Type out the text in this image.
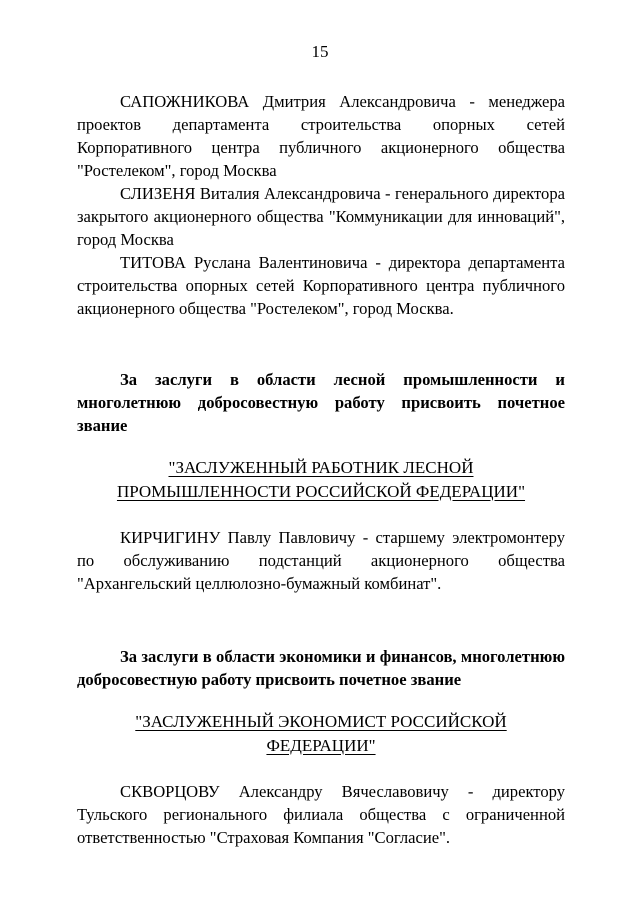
15

САПОЖНИКОВА Дмитрия Александровича - менеджера проектов департамента строительства опорных сетей Корпоративного центра публичного акционерного общества "Ростелеком", город Москва

СЛИЗЕНЯ Виталия Александровича - генерального директора закрытого акционерного общества "Коммуникации для инноваций", город Москва

ТИТОВА Руслана Валентиновича - директора департамента строительства опорных сетей Корпоративного центра публичного акционерного общества "Ростелеком", город Москва.

За заслуги в области лесной промышленности и многолетнюю добросовестную работу присвоить почетное звание

"ЗАСЛУЖЕННЫЙ РАБОТНИК ЛЕСНОЙ ПРОМЫШЛЕННОСТИ РОССИЙСКОЙ ФЕДЕРАЦИИ"

КИРЧИГИНУ Павлу Павловичу - старшему электромонтеру по обслуживанию подстанций акционерного общества "Архангельский целлюлозно-бумажный комбинат".

За заслуги в области экономики и финансов, многолетнюю добросовестную работу присвоить почетное звание

"ЗАСЛУЖЕННЫЙ ЭКОНОМИСТ РОССИЙСКОЙ ФЕДЕРАЦИИ"

СКВОРЦОВУ Александру Вячеславовичу - директору Тульского регионального филиала общества с ограниченной ответственностью "Страховая Компания "Согласие".
